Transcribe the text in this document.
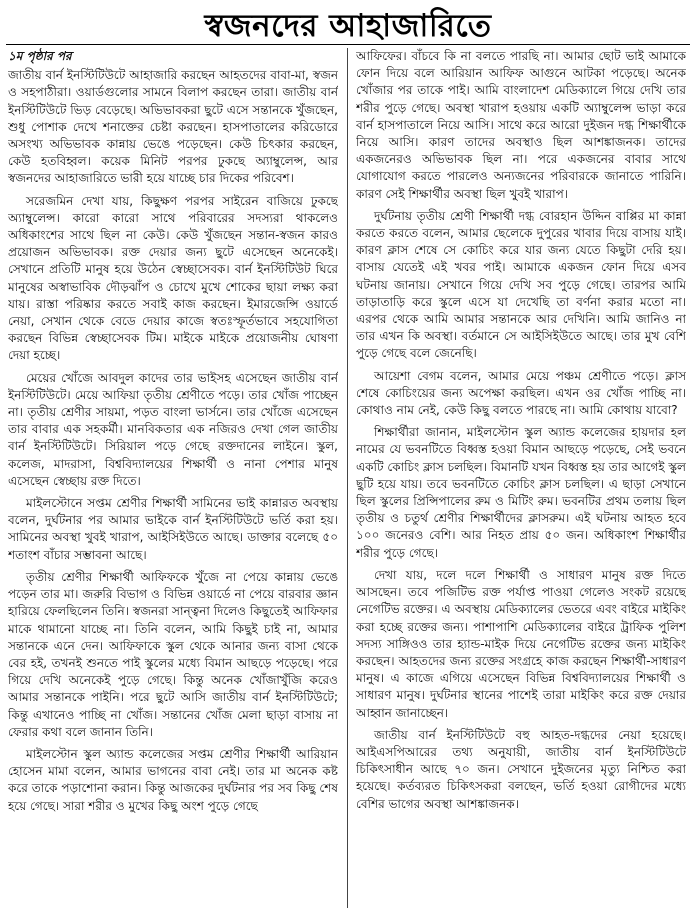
স্বজনদের আহাজারিতে
১ম পৃষ্ঠার পর

জাতীয় বার্ন ইনস্টিটিউটে আহাজারি করছেন আহতদের বাবা-মা, স্বজন ও সহপাঠীরা। ওয়ার্ডগুলোর সামনে বিলাপ করছেন তারা। জাতীয় বার্ন ইনস্টিটিউটে ভিড় বেড়েছে। অভিভাবকরা ছুটে এসে সন্তানকে খুঁজছেন, শুধু পোশাক দেখে শনাক্তের চেষ্টা করছেন। হাসপাতালের করিডোরে অসংখ্য অভিভাবক কান্নায় ভেঙে পড়েছেন। কেউ চিৎকার করছেন, কেউ হতবিহ্বল। কয়েক মিনিট পরপর ঢুকছে অ্যাম্বুলেন্স, আর স্বজনদের আহাজারিতে ভারী হয়ে যাচ্ছে চার দিকের পরিবেশ।

সরেজমিন দেখা যায়, কিছুক্ষণ পরপর সাইরেন বাজিয়ে ঢুকছে অ্যাম্বুলেন্স। কারো কারো সাথে পরিবারের সদস্যরা থাকলেও অধিকাংশের সাথে ছিল না কেউ। কেউ খুঁজছেন সন্তান-স্বজন কারও প্রয়োজন অভিভাবক। রক্ত দেয়ার জন্য ছুটে এসেছেন অনেকেই। সেখানে প্রতিটি মানুষ হয়ে উঠেন স্বেচ্ছাসেবক। বার্ন ইনস্টিটিউট ঘিরে মানুষের অস্বাভাবিক দৌড়ঝাঁপ ও চোখে মুখে শোকের ছায়া লক্ষ্য করা যায়। রাস্তা পরিষ্কার করতে সবাই কাজ করছেন। ইমারজেন্সি ওয়ার্ডে নেয়া, সেখান থেকে বেডে দেয়ার কাজে স্বতঃস্ফূর্তভাবে সহযোগিতা করছেন বিভিন্ন স্বেচ্ছাসেবক টিম। মাইকে মাইকে প্রয়োজনীয় ঘোষণা দেয়া হচ্ছে।

মেয়ের খোঁজে আবদুল কাদের তার ভাইসহ এসেছেন জাতীয় বার্ন ইনস্টিটিউটে। মেয়ে আফিয়া তৃতীয় শ্রেণীতে পড়ে। তার খোঁজ পাচ্ছেন না। তৃতীয় শ্রেণীর সায়মা, পড়ত বাংলা ভার্সনে। তার খোঁজে এসেছেন তার বাবার এক সহকর্মী। মানবিকতার এক নজিরও দেখা গেল জাতীয় বার্ন ইনস্টিটিউটে। সিরিয়াল পড়ে গেছে রক্তদানের লাইনে। স্কুল, কলেজ, মাদরাসা, বিশ্ববিদ্যালয়ের শিক্ষার্থী ও নানা পেশার মানুষ এসেছেন স্বেচ্ছায় রক্ত দিতে।

মাইলস্টোনে সপ্তম শ্রেণীর শিক্ষার্থী সামিনের ভাই কান্নারত অবস্থায় বলেন, দুর্ঘটনার পর আমার ভাইকে বার্ন ইনস্টিটিউটে ভর্তি করা হয়। সামিনের অবস্থা খুবই খারাপ, আইসিইউতে আছে। ডাক্তার বলেছে ৫০ শতাংশ বাঁচার সম্ভাবনা আছে।

তৃতীয় শ্রেণীর শিক্ষার্থী আফিফকে খুঁজে না পেয়ে কান্নায় ভেঙে পড়েন তার মা। জরুরি বিভাগ ও বিভিন্ন ওয়ার্ডে না পেয়ে বারবার জ্ঞান হারিয়ে ফেলছিলেন তিনি। স্বজনরা সান্ত্বনা দিলেও কিছুতেই আফিফার মাকে থামানো যাচ্ছে না। তিনি বলেন, আমি কিছুই চাই না, আমার সন্তানকে এনে দেন। আফিফাকে স্কুল থেকে আনার জন্য বাসা থেকে বের হই, তখনই শুনতে পাই স্কুলের মধ্যে বিমান আছড়ে পড়েছে। পরে গিয়ে দেখি অনেকেই পুড়ে গেছে। কিন্তু অনেক খোঁজাখুঁজি করেও আমার সন্তানকে পাইনি। পরে ছুটে আসি জাতীয় বার্ন ইনস্টিটিউটে; কিন্তু এখানেও পাচ্ছি না খোঁজ। সন্তানের খোঁজ মেলা ছাড়া বাসায় না ফেরার কথা বলে জানান তিনি।

মাইলস্টোন স্কুল অ্যান্ড কলেজের সপ্তম শ্রেণীর শিক্ষার্থী আরিয়ান হোসেন মামা বলেন, আমার ভাগনের বাবা নেই। তার মা অনেক কষ্ট করে তাকে পড়াশোনা করান। কিন্তু আজকের দুর্ঘটনার পর সব কিছু শেষ হয়ে গেছে। সারা শরীর ও মুখের কিছু অংশ পুড়ে গেছে

আফিফের। বাঁচবে কি না বলতে পারছি না। আমার ছোট ভাই আমাকে ফোন দিয়ে বলে আরিয়ান আফিফ আগুনে আটকা পড়েছে। অনেক খোঁজার পর তাকে পাই। আমি বাংলাদেশ মেডিক্যালে গিয়ে দেখি তার শরীর পুড়ে গেছে। অবস্থা খারাপ হওয়ায় একটি অ্যাম্বুলেন্স ভাড়া করে বার্ন হাসপাতালে নিয়ে আসি। সাথে করে আরো দুইজন দগ্ধ শিক্ষার্থীকে নিয়ে আসি। কারণ তাদের অবস্থাও ছিল আশঙ্কাজনক। তাদের একজনেরও অভিভাবক ছিল না। পরে একজনের বাবার সাথে যোগাযোগ করতে পারলেও অন্যজনের পরিবারকে জানাতে পারিনি। কারণ সেই শিক্ষার্থীর অবস্থা ছিল খুবই খারাপ।

দুর্ঘটনায় তৃতীয় শ্রেণী শিক্ষার্থী দগ্ধ বোরহান উদ্দিন বাপ্পির মা কান্না করতে করতে বলেন, আমার ছেলেকে দুপুরের খাবার দিয়ে বাসায় যাই। কারণ ক্লাস শেষে সে কোচিং করে যার জন্য যেতে কিছুটা দেরি হয়। বাসায় যেতেই এই খবর পাই। আমাকে একজন ফোন দিয়ে এসব ঘটনায় জানায়। সেখানে গিয়ে দেখি সব পুড়ে গেছে। তারপর আমি তাড়াতাড়ি করে স্কুলে এসে যা দেখেছি তা বর্ণনা করার মতো না। এরপর থেকে আমি আমার সন্তানকে আর দেখিনি। আমি জানিও না তার এখন কি অবস্থা। বর্তমানে সে আইসিইউতে আছে। তার মুখ বেশি পুড়ে গেছে বলে জেনেছি।

আয়েশা বেগম বলেন, আমার মেয়ে পঞ্চম শ্রেণীতে পড়ে। ক্লাস শেষে কোচিংয়ের জন্য অপেক্ষা করছিল। এখন ওর খোঁজ পাচ্ছি না। কোথাও নাম নেই, কেউ কিছু বলতে পারছে না। আমি কোথায় যাবো?

শিক্ষার্থীরা জানান, মাইলস্টোন স্কুল অ্যান্ড কলেজের হায়দার হল নামের যে ভবনটিতে বিধ্বস্ত হওয়া বিমান আছড়ে পড়েছে, সেই ভবনে একটি কোচিং ক্লাস চলছিল। বিমানটি যখন বিধ্বস্ত হয় তার আগেই স্কুল ছুটি হয়ে যায়। তবে ভবনটিতে কোচিং ক্লাস চলছিল। এ ছাড়া সেখানে ছিল স্কুলের প্রিন্সিপালের রুম ও মিটিং রুম। ভবনটির প্রথম তলায় ছিল তৃতীয় ও চতুর্থ শ্রেণীর শিক্ষার্থীদের ক্লাসরুম। এই ঘটনায় আহত হবে ১০০ জনেরও বেশি। আর নিহত প্রায় ৫০ জন। অধিকাংশ শিক্ষার্থীর শরীর পুড়ে গেছে।

দেখা যায়, দলে দলে শিক্ষার্থী ও সাধারণ মানুষ রক্ত দিতে আসছেন। তবে পজিটিভ রক্ত পর্যাপ্ত পাওয়া গেলেও সংকট রয়েছে নেগেটিভ রক্তের। এ অবস্থায় মেডিক্যালের ভেতরে এবং বাইরে মাইকিং করা হচ্ছে রক্তের জন্য। পাশাপাশি মেডিক্যালের বাইরে ট্রাফিক পুলিশ সদস্য সাঙ্গিওও তার হ্যান্ড-মাইক দিয়ে নেগেটিভ রক্তের জন্য মাইকিং করছেন। আহতদের জন্য রক্তের সংগ্রহে কাজ করছেন শিক্ষার্থী-সাধারণ মানুষ। এ কাজে এগিয়ে এসেছেন বিভিন্ন বিশ্ববিদ্যালয়ের শিক্ষার্থী ও সাধারণ মানুষ। দুর্ঘটনার স্থানের পাশেই তারা মাইকিং করে রক্ত দেয়ার আহ্বান জানাচ্ছেন।

জাতীয় বার্ন ইনস্টিটিউটে বহু আহত-দগ্ধদের নেয়া হয়েছে। আইএসপিআরের তথ্য অনুযায়ী, জাতীয় বার্ন ইনস্টিটিউটে চিকিৎসাধীন আছে ৭০ জন। সেখানে দুইজনের মৃত্যু নিশ্চিত করা হয়েছে। কর্তব্যরত চিকিৎসকরা বলছেন, ভর্তি হওয়া রোগীদের মধ্যে বেশির ভাগের অবস্থা আশঙ্কাজনক।
